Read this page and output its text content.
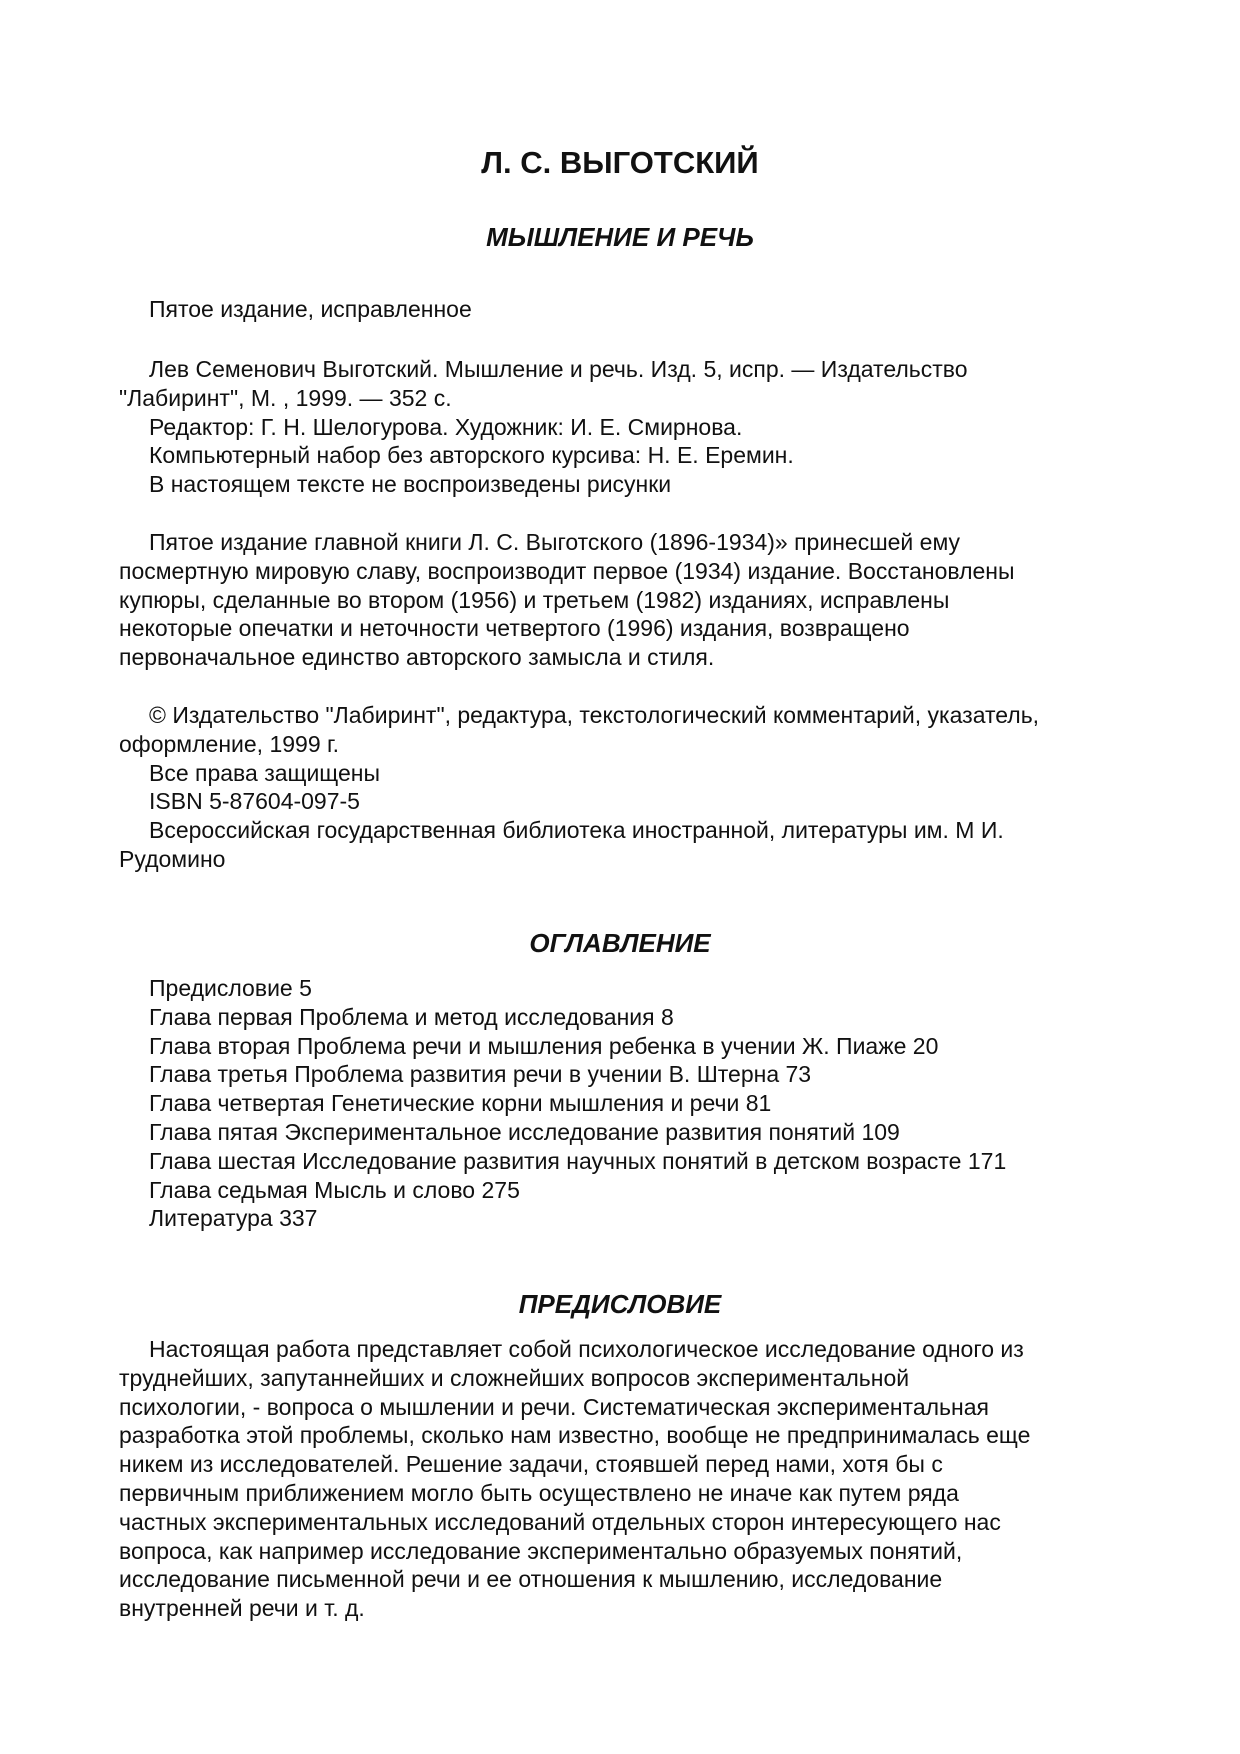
Л. С. ВЫГОТСКИЙ
МЫШЛЕНИЕ И РЕЧЬ
Пятое издание, исправленное
Лев Семенович Выготский. Мышление и речь. Изд. 5, испр. — Издательство
"Лабиринт", М. , 1999. — 352 с.
Редактор: Г. Н. Шелогурова. Художник: И. Е. Смирнова.
Компьютерный набор без авторского курсива: Н. Е. Еремин.
В настоящем тексте не воспроизведены рисунки
Пятое издание главной книги Л. С. Выготского (1896-1934)» принесшей ему
посмертную мировую славу, воспроизводит первое (1934) издание. Восстановлены
купюры, сделанные во втором (1956) и третьем (1982) изданиях, исправлены
некоторые опечатки и неточности четвертого (1996) издания, возвращено
первоначальное единство авторского замысла и стиля.
© Издательство "Лабиринт", редактура, текстологический комментарий, указатель,
оформление, 1999 г.
Все права защищены
ISBN 5-87604-097-5
Всероссийская государственная библиотека иностранной, литературы им. М И.
Рудомино
ОГЛАВЛЕНИЕ
Предисловие 5
Глава первая Проблема и метод исследования 8
Глава вторая Проблема речи и мышления ребенка в учении Ж. Пиаже 20
Глава третья Проблема развития речи в учении В. Штерна 73
Глава четвертая Генетические корни мышления и речи 81
Глава пятая Экспериментальное исследование развития понятий 109
Глава шестая Исследование развития научных понятий в детском возрасте 171
Глава седьмая Мысль и слово 275
Литература 337
ПРЕДИСЛОВИЕ
Настоящая работа представляет собой психологическое исследование одного из
труднейших, запутаннейших и сложнейших вопросов экспериментальной
психологии, - вопроса о мышлении и речи. Систематическая экспериментальная
разработка этой проблемы, сколько нам известно, вообще не предпринималась еще
никем из исследователей. Решение задачи, стоявшей перед нами, хотя бы с
первичным приближением могло быть осуществлено не иначе как путем ряда
частных экспериментальных исследований отдельных сторон интересующего нас
вопроса, как например исследование экспериментально образуемых понятий,
исследование письменной речи и ее отношения к мышлению, исследование
внутренней речи и т. д.
